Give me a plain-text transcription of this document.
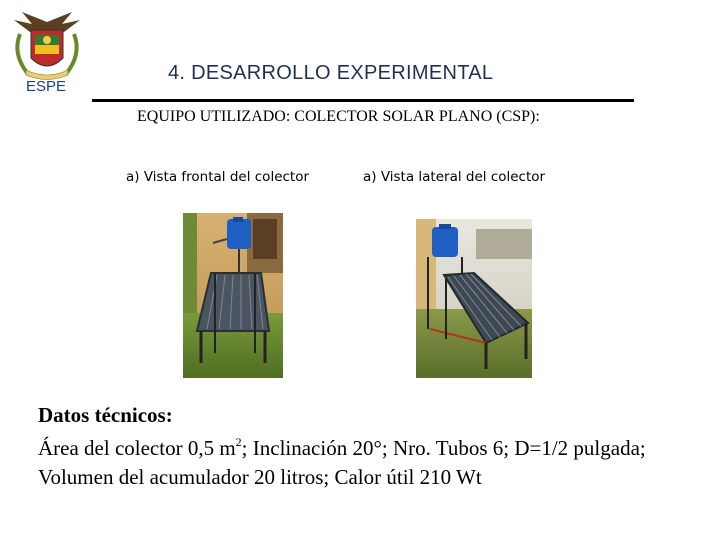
ESPE
4. DESARROLLO EXPERIMENTAL
EQUIPO UTILIZADO: COLECTOR SOLAR PLANO (CSP):
a) Vista frontal del colector	a) Vista lateral del colector
Datos técnicos:
Área del colector 0,5 $m^2$; Inclinación 20°; Nro. Tubos 6; D=1/2 pulgada; Volumen del acumulador 20 litros; Calor útil 210 Wt
